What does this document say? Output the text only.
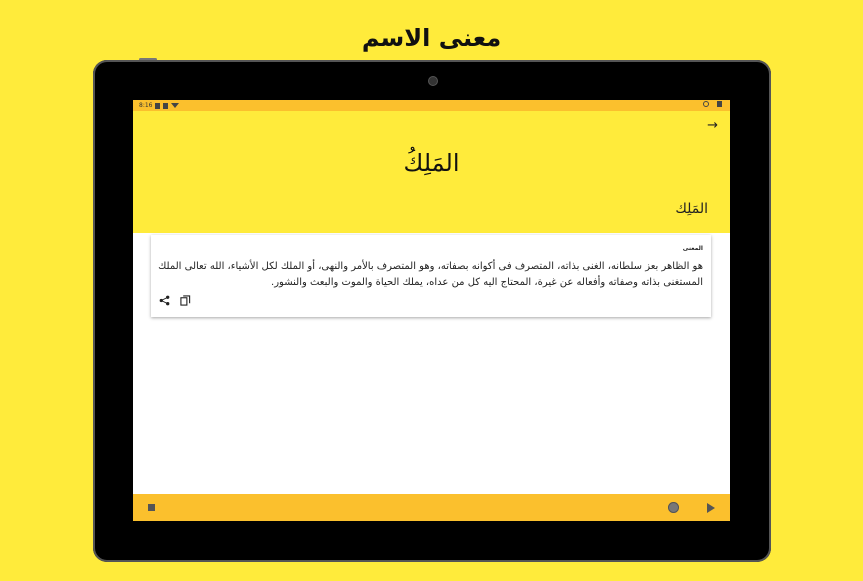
معنى الاسم
8:16
→
المَلِكُ
المَلِك
المعنى
هو الظاهر بعز سلطانه، الغنى بذاته، المتصرف فى أكوانه بصفاته، وهو المتصرف بالأمر والنهى، أو الملك لكل الأشياء، الله تعالى الملك المستغنى بذاته وصفاته وأفعاله عن غيرة، المحتاج اليه كل من عداه، يملك الحياة والموت والبعث والنشور.
